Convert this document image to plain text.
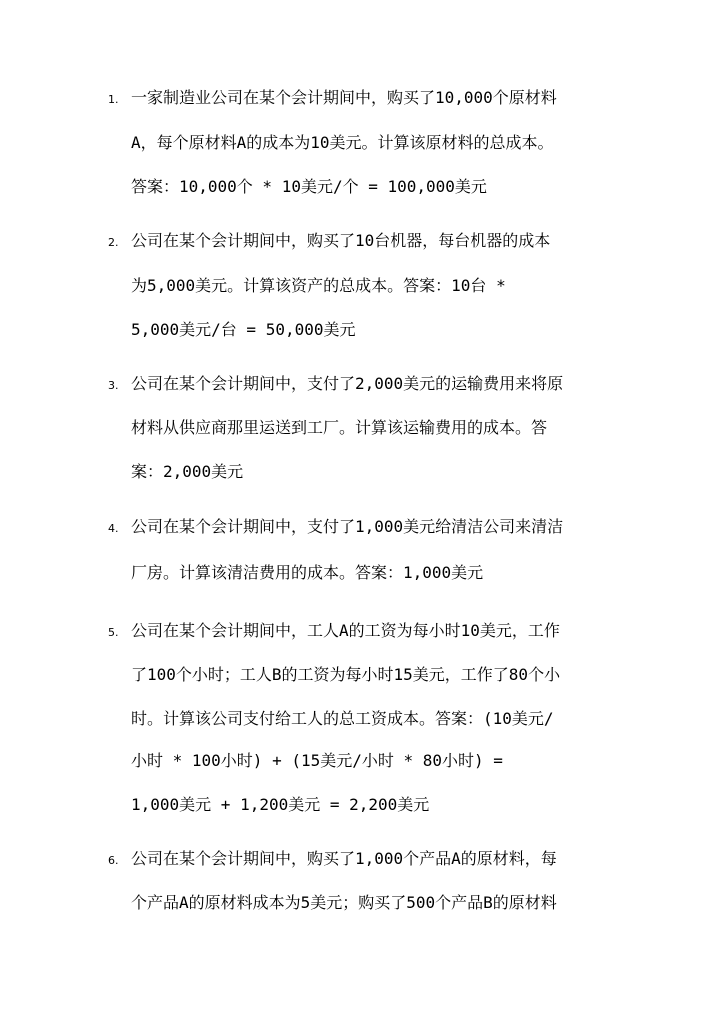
1. 一家制造业公司在某个会计期间中，购买了10,000个原材料
A，每个原材料A的成本为10美元。计算该原材料的总成本。
答案：10,000个 * 10美元/个 = 100,000美元
2. 公司在某个会计期间中，购买了10台机器，每台机器的成本
为5,000美元。计算该资产的总成本。答案：10台 *
5,000美元/台 = 50,000美元
3. 公司在某个会计期间中，支付了2,000美元的运输费用来将原
材料从供应商那里运送到工厂。计算该运输费用的成本。答
案：2,000美元
4. 公司在某个会计期间中，支付了1,000美元给清洁公司来清洁
厂房。计算该清洁费用的成本。答案：1,000美元
5. 公司在某个会计期间中，工人A的工资为每小时10美元，工作
了100个小时；工人B的工资为每小时15美元，工作了80个小
时。计算该公司支付给工人的总工资成本。答案：(10美元/
小时 * 100小时) + (15美元/小时 * 80小时) =
1,000美元 + 1,200美元 = 2,200美元
6. 公司在某个会计期间中，购买了1,000个产品A的原材料，每
个产品A的原材料成本为5美元；购买了500个产品B的原材料
